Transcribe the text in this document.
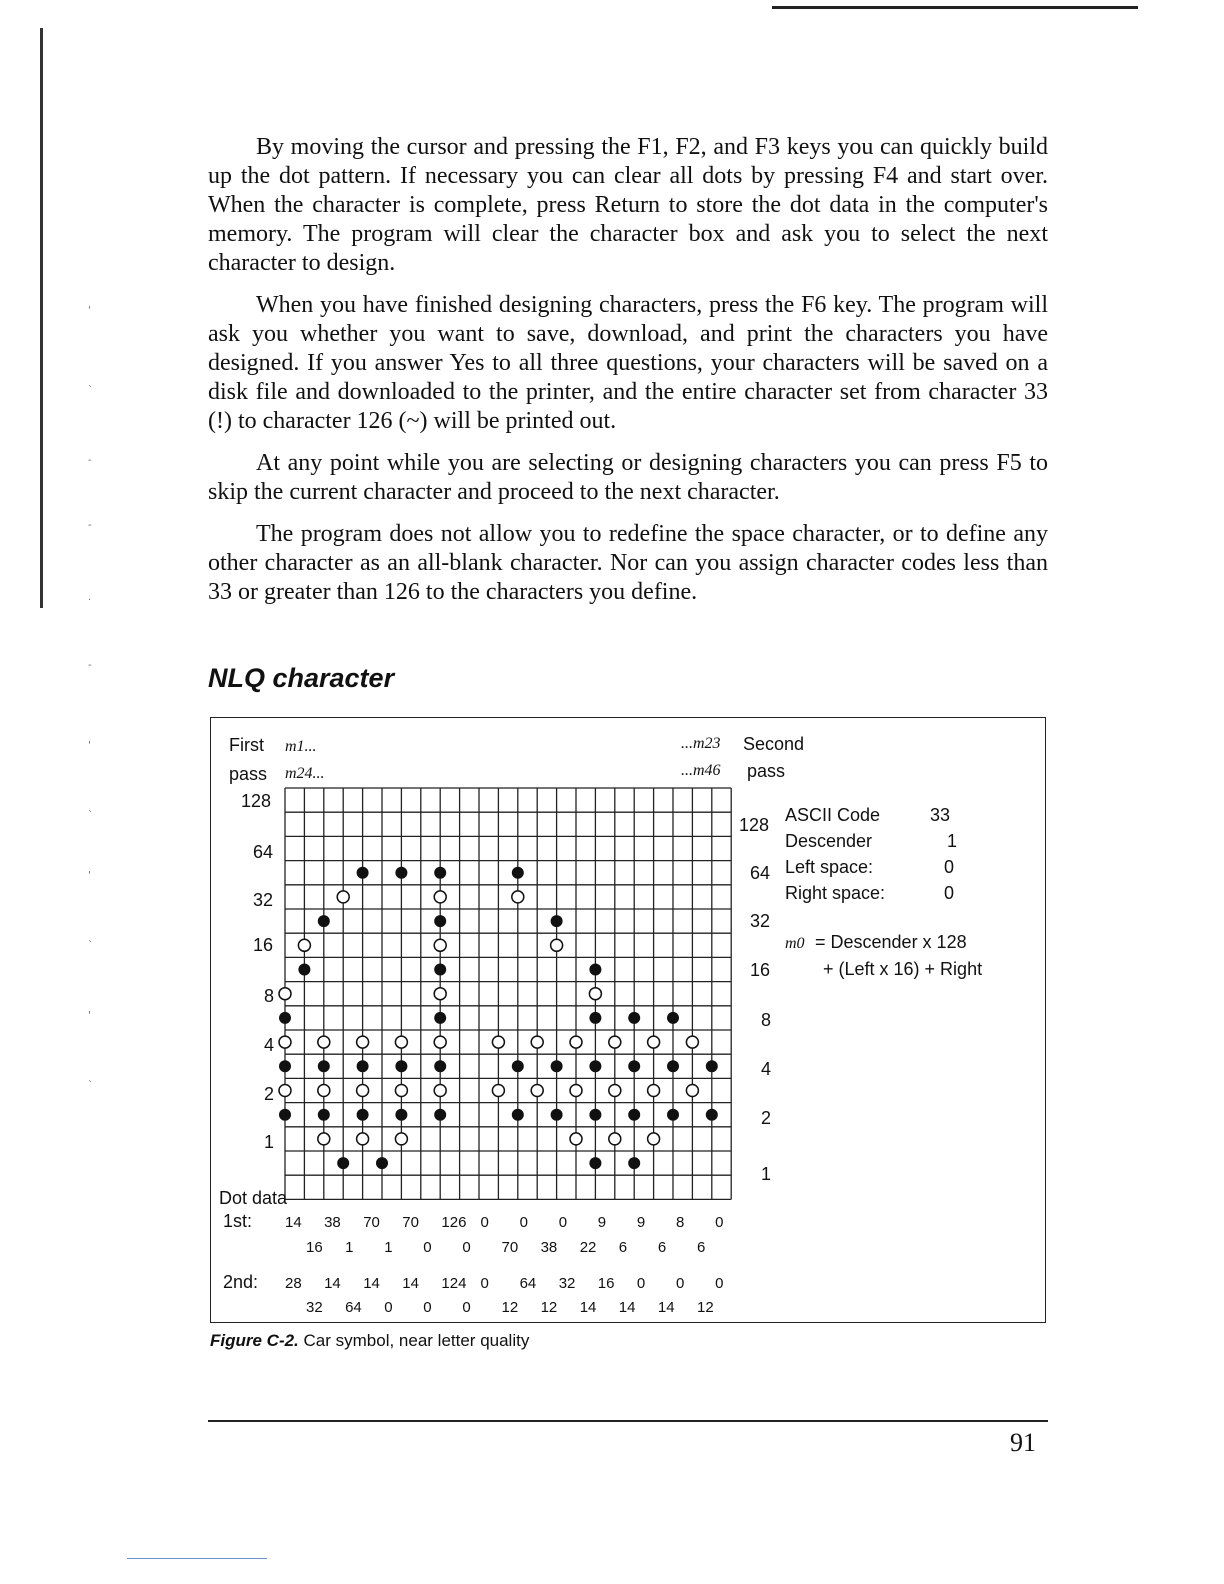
'
`
-
-
·
-
'
`
'
`
'
`

By moving the cursor and pressing the F1, F2, and F3 keys you can quickly build up the dot pattern. If necessary you can clear all dots by pressing F4 and start over. When the character is complete, press Return to store the dot data in the computer's memory. The program will clear the character box and ask you to select the next character to design.

When you have finished designing characters, press the F6 key. The program will ask you whether you want to save, download, and print the characters you have designed. If you answer Yes to all three questions, your characters will be saved on a disk file and downloaded to the printer, and the entire character set from character 33 (!) to character 126 (~) will be printed out.

At any point while you are selecting or designing characters you can press F5 to skip the current character and proceed to the next character.

The program does not allow you to redefine the space character, or to define any other character as an all-blank character. Nor can you assign character codes less than 33 or greater than 126 to the characters you define.

NLQ character
First m1...
pass m24...
...m23 Second
...m46 pass
128
64
32
16
8
4
2
1
128
64
32
16
8
4
2
1
ASCII Code	33
Descender	1
Left space:	0
Right space:	0
m0 = Descender x 128
+ (Left x 16) + Right
Dot data
1st: 14 38 70 70 126 0 0 0 9 9 8 0
16 1 1 0 0 70 38 22 6 6 6
2nd: 28 14 14 14 124 0 64 32 16 0 0 0
32 64 0 0 0 12 12 14 14 14 12
Figure C-2. Car symbol, near letter quality
91
